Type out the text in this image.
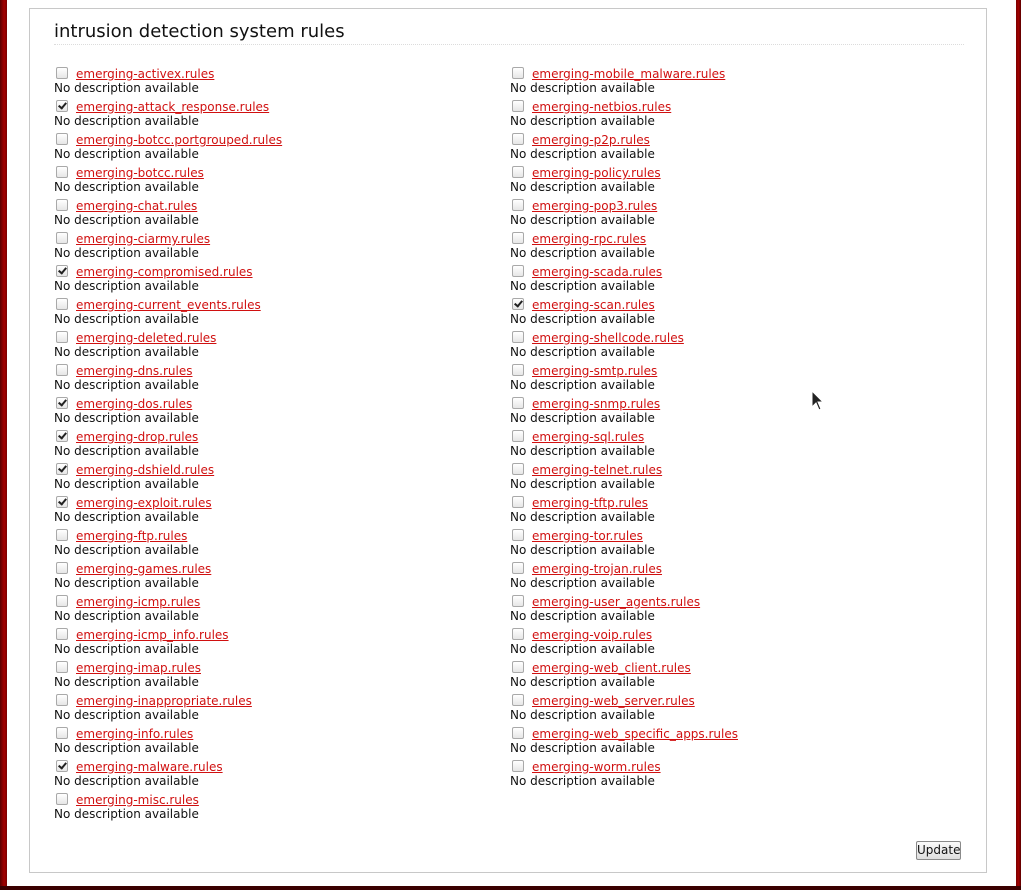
intrusion detection system rules
emerging-activex.rules
No description available
emerging-attack_response.rules
No description available
emerging-botcc.portgrouped.rules
No description available
emerging-botcc.rules
No description available
emerging-chat.rules
No description available
emerging-ciarmy.rules
No description available
emerging-compromised.rules
No description available
emerging-current_events.rules
No description available
emerging-deleted.rules
No description available
emerging-dns.rules
No description available
emerging-dos.rules
No description available
emerging-drop.rules
No description available
emerging-dshield.rules
No description available
emerging-exploit.rules
No description available
emerging-ftp.rules
No description available
emerging-games.rules
No description available
emerging-icmp.rules
No description available
emerging-icmp_info.rules
No description available
emerging-imap.rules
No description available
emerging-inappropriate.rules
No description available
emerging-info.rules
No description available
emerging-malware.rules
No description available
emerging-misc.rules
No description available
emerging-mobile_malware.rules
No description available
emerging-netbios.rules
No description available
emerging-p2p.rules
No description available
emerging-policy.rules
No description available
emerging-pop3.rules
No description available
emerging-rpc.rules
No description available
emerging-scada.rules
No description available
emerging-scan.rules
No description available
emerging-shellcode.rules
No description available
emerging-smtp.rules
No description available
emerging-snmp.rules
No description available
emerging-sql.rules
No description available
emerging-telnet.rules
No description available
emerging-tftp.rules
No description available
emerging-tor.rules
No description available
emerging-trojan.rules
No description available
emerging-user_agents.rules
No description available
emerging-voip.rules
No description available
emerging-web_client.rules
No description available
emerging-web_server.rules
No description available
emerging-web_specific_apps.rules
No description available
emerging-worm.rules
No description available
Update
